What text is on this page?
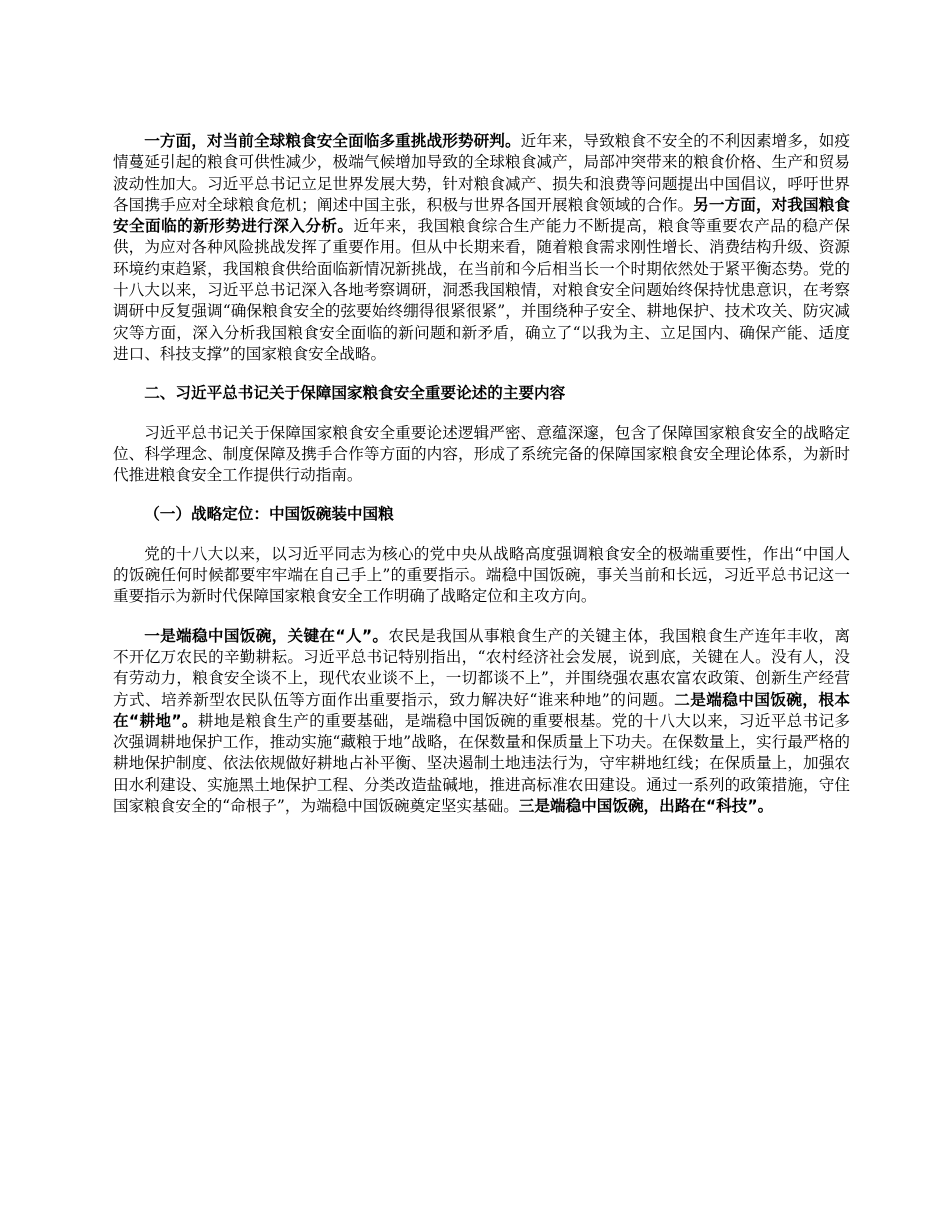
一方面，对当前全球粮食安全面临多重挑战形势研判。近年来，导致粮食不安全的不利因素增多，如疫情蔓延引起的粮食可供性减少，极端气候增加导致的全球粮食减产，局部冲突带来的粮食价格、生产和贸易波动性加大。习近平总书记立足世界发展大势，针对粮食减产、损失和浪费等问题提出中国倡议，呼吁世界各国携手应对全球粮食危机；阐述中国主张，积极与世界各国开展粮食领域的合作。另一方面，对我国粮食安全面临的新形势进行深入分析。近年来，我国粮食综合生产能力不断提高，粮食等重要农产品的稳产保供，为应对各种风险挑战发挥了重要作用。但从中长期来看，随着粮食需求刚性增长、消费结构升级、资源环境约束趋紧，我国粮食供给面临新情况新挑战，在当前和今后相当长一个时期依然处于紧平衡态势。党的十八大以来，习近平总书记深入各地考察调研，洞悉我国粮情，对粮食安全问题始终保持忧患意识，在考察调研中反复强调“确保粮食安全的弦要始终绷得很紧很紧”，并围绕种子安全、耕地保护、技术攻关、防灾减灾等方面，深入分析我国粮食安全面临的新问题和新矛盾，确立了“以我为主、立足国内、确保产能、适度进口、科技支撑”的国家粮食安全战略。

二、习近平总书记关于保障国家粮食安全重要论述的主要内容

习近平总书记关于保障国家粮食安全重要论述逻辑严密、意蕴深邃，包含了保障国家粮食安全的战略定位、科学理念、制度保障及携手合作等方面的内容，形成了系统完备的保障国家粮食安全理论体系，为新时代推进粮食安全工作提供行动指南。

（一）战略定位：中国饭碗装中国粮

党的十八大以来，以习近平同志为核心的党中央从战略高度强调粮食安全的极端重要性，作出“中国人的饭碗任何时候都要牢牢端在自己手上”的重要指示。端稳中国饭碗，事关当前和长远，习近平总书记这一重要指示为新时代保障国家粮食安全工作明确了战略定位和主攻方向。

一是端稳中国饭碗，关键在“人”。农民是我国从事粮食生产的关键主体，我国粮食生产连年丰收，离不开亿万农民的辛勤耕耘。习近平总书记特别指出，“农村经济社会发展，说到底，关键在人。没有人，没有劳动力，粮食安全谈不上，现代农业谈不上，一切都谈不上”，并围绕强农惠农富农政策、创新生产经营方式、培养新型农民队伍等方面作出重要指示，致力解决好“谁来种地”的问题。二是端稳中国饭碗，根本在“耕地”。耕地是粮食生产的重要基础，是端稳中国饭碗的重要根基。党的十八大以来，习近平总书记多次强调耕地保护工作，推动实施“藏粮于地”战略，在保数量和保质量上下功夫。在保数量上，实行最严格的耕地保护制度、依法依规做好耕地占补平衡、坚决遏制土地违法行为，守牢耕地红线；在保质量上，加强农田水利建设、实施黑土地保护工程、分类改造盐碱地，推进高标准农田建设。通过一系列的政策措施，守住国家粮食安全的“命根子”，为端稳中国饭碗奠定坚实基础。三是端稳中国饭碗，出路在“科技”。
